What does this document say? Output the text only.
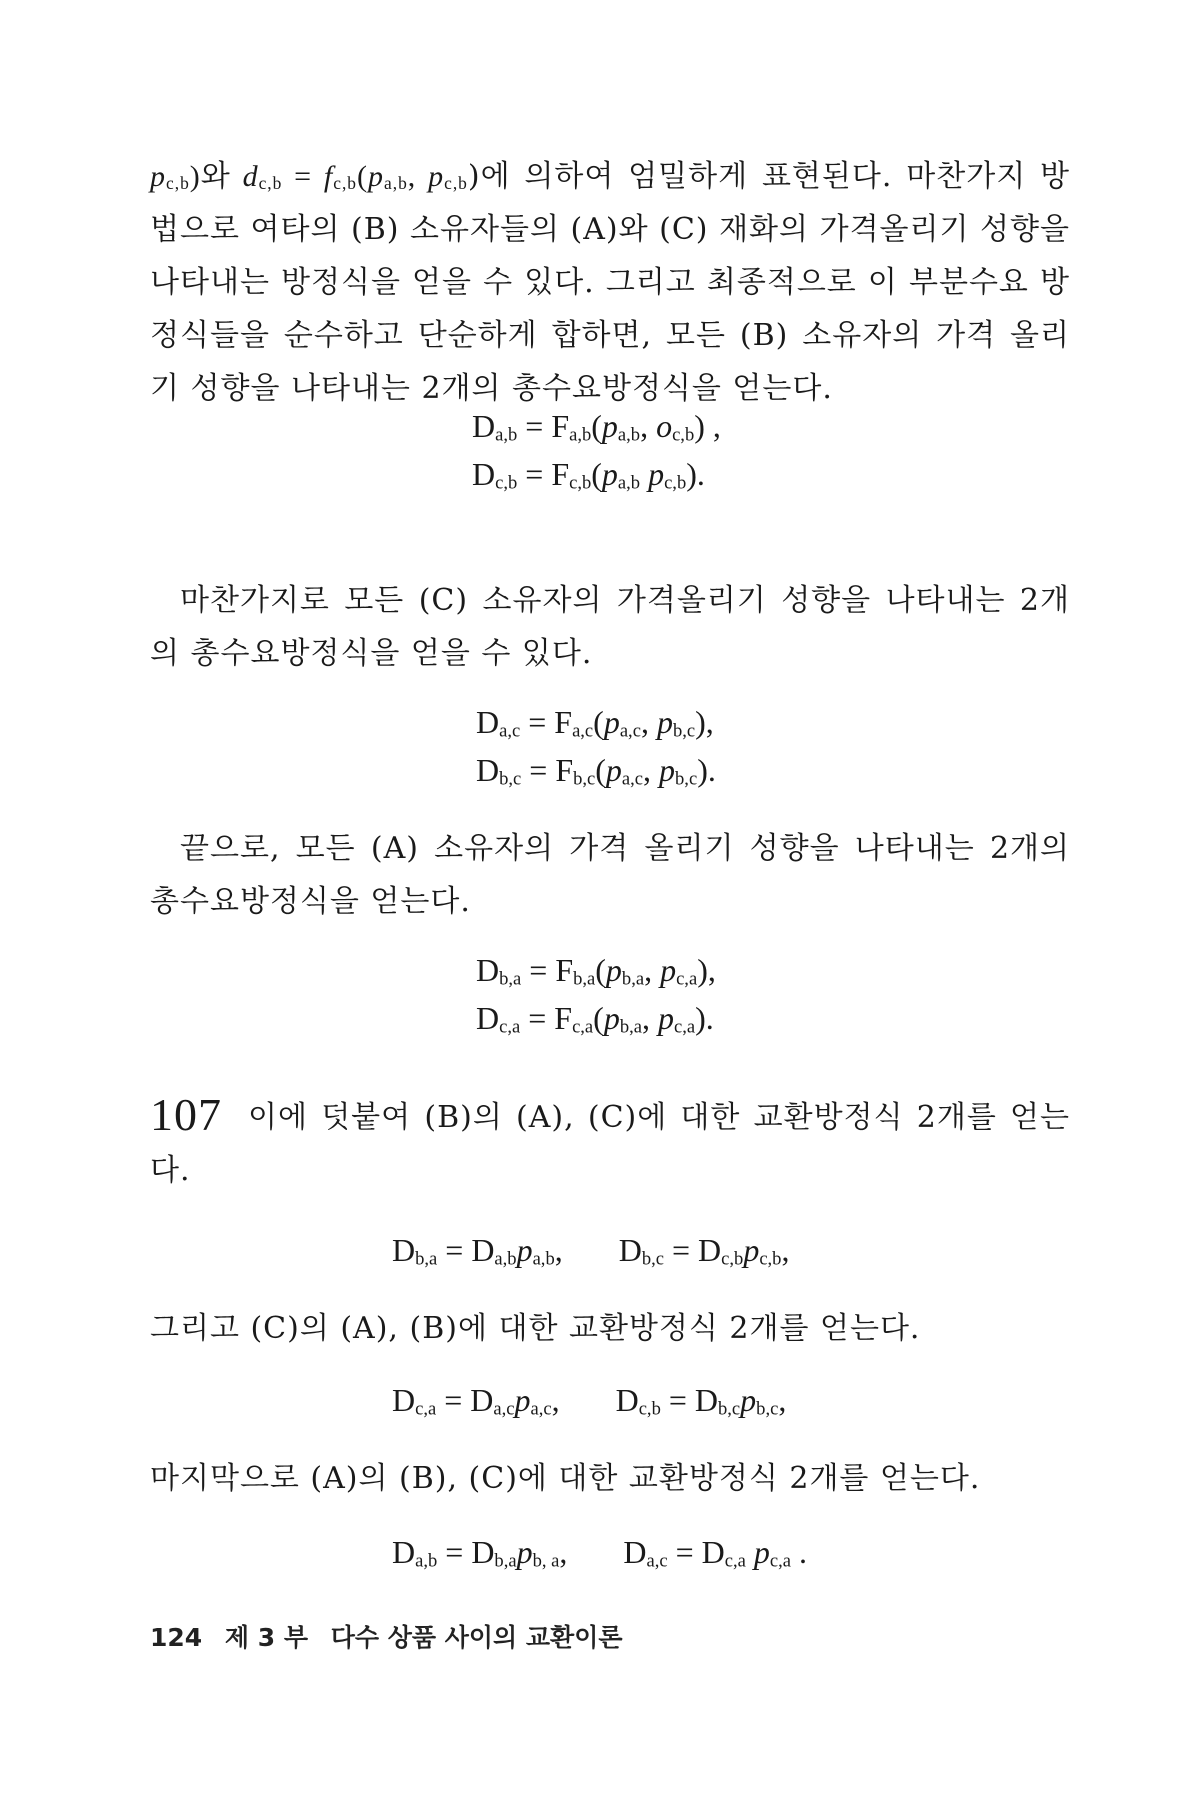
$p_{c,b}$)와 $d_{c,b} = f_{c,b}(p_{a,b}$, $p_{c,b}$)에 의하여 엄밀하게 표현된다. 마찬가지 방법으로 여타의 (B) 소유자들의 (A)와 (C) 재화의 가격올리기 성향을 나타내는 방정식을 얻을 수 있다. 그리고 최종적으로 이 부분수요 방정식들을 순수하고 단순하게 합하면, 모든 (B) 소유자의 가격 올리기 성향을 나타내는 2개의 총수요방정식을 얻는다.
$D_{a,b} = F_{a,b}(p_{a,b}$, $o_{c,b}$) ,
$D_{c,b} = F_{c,b}(p_{a,b}$ $p_{c,b}$).
마찬가지로 모든 (C) 소유자의 가격올리기 성향을 나타내는 2개의 총수요방정식을 얻을 수 있다.
$D_{a,c} = F_{a,c}(p_{a,c}$, $p_{b,c}$),
$D_{b,c} = F_{b,c}(p_{a,c}$, $p_{b,c}$).
끝으로, 모든 (A) 소유자의 가격 올리기 성향을 나타내는 2개의 총수요방정식을 얻는다.
$D_{b,a} = F_{b,a}(p_{b,a}$, $p_{c,a}$),
$D_{c,a} = F_{c,a}(p_{b,a}$, $p_{c,a}$).
107 이에 덧붙여 (B)의 (A), (C)에 대한 교환방정식 2개를 얻는다.
$D_{b,a} = D_{a,b}p_{a,b}$,       $D_{b,c} = D_{c,b}p_{c,b}$,
그리고 (C)의 (A), (B)에 대한 교환방정식 2개를 얻는다.
$D_{c,a} = D_{a,c}p_{a,c}$,       $D_{c,b} = D_{b,c}p_{b,c}$,
마지막으로 (A)의 (B), (C)에 대한 교환방정식 2개를 얻는다.
$D_{a,b} = D_{b,a}p_{b, a}$,       $D_{a,c} = D_{c,a}$ $p_{c,a}$ .
124 제 3 부 다수 상품 사이의 교환이론
